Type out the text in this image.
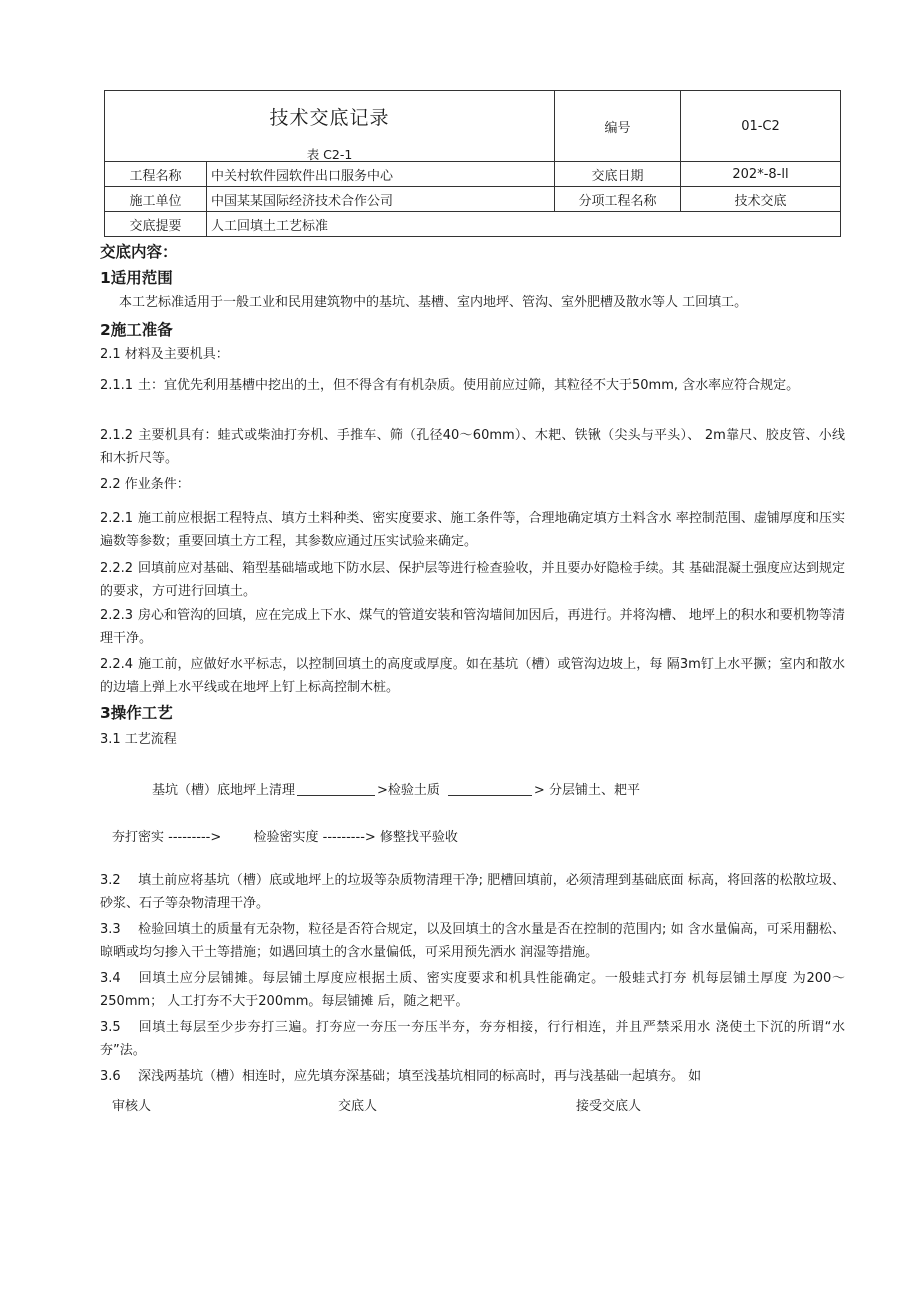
技术交底记录
表 C2-1		编号	01-C2
工程名称	中关村软件园软件出口服务中心	交底日期	202*-8-ll
施工单位	中国某某国际经济技术合作公司	分项工程名称	技术交底
交底提要	人工回填土工艺标准		
交底内容：
1适用范围
本工艺标准适用于一般工业和民用建筑物中的基坑、基槽、室内地坪、管沟、室外肥槽及散水等人 工回填工。
2施工准备
2.1 材料及主要机具：
2.1.1 土：宜优先利用基槽中挖出的土，但不得含有有机杂质。使用前应过筛，其粒径不大于50mm, 含水率应符合规定。
2.1.2 主要机具有：蛙式或柴油打夯机、手推车、筛（孔径40～60mm）、木耙、铁锹（尖头与平头）、 2m靠尺、胶皮管、小线和木折尺等。
2.2 作业条件：
2.2.1 施工前应根据工程特点、填方土料种类、密实度要求、施工条件等，合理地确定填方土料含水 率控制范围、虚铺厚度和压实遍数等参数；重要回填土方工程，其参数应通过压实试验来确定。
2.2.2 回填前应对基础、箱型基础墙或地下防水层、保护层等进行检查验收，并且要办好隐检手续。其 基础混凝土强度应达到规定的要求，方可进行回填土。
2.2.3 房心和管沟的回填，应在完成上下水、煤气的管道安装和管沟墙间加因后，再进行。并将沟槽、 地坪上的积水和要机物等清理干净。
2.2.4 施工前，应做好水平标志，以控制回填土的高度或厚度。如在基坑（槽）或管沟边坡上，每 隔3m钉上水平撅；室内和散水的边墙上弹上水平线或在地坪上钉上标高控制木桩。
3操作工艺
3.1 工艺流程
基坑（槽）底地坪上清理	>检验土质	> 分层铺土、耙平
夯打密实 ---------> 检验密实度 ---------> 修整找平验收
3.2 填土前应将基坑（槽）底或地坪上的垃圾等杂质物清理干净; 肥槽回填前，必须清理到基础底面 标高，将回落的松散垃圾、砂浆、石子等杂物清理干净。
3.3 检验回填土的质量有无杂物，粒径是否符合规定，以及回填土的含水量是否在控制的范围内; 如 含水量偏高，可采用翻松、晾晒或均匀掺入干土等措施；如遇回填土的含水量偏低，可采用预先洒水 润湿等措施。
3.4 回填土应分层铺摊。每层铺土厚度应根据土质、密实度要求和机具性能确定。一般蛙式打夯 机每层铺土厚度 为200～250mm； 人工打夯不大于200mm。每层铺摊 后，随之耙平。
3.5 回填土每层至少步夯打三遍。打夯应一夯压一夯压半夯，夯夯相接，行行相连，并且严禁采用水 浇使土下沉的所谓“水夯”法。
3.6 深浅两基坑（槽）相连时，应先填夯深基础；填至浅基坑相同的标高时，再与浅基础一起填夯。 如
审核人	交底人	接受交底人
